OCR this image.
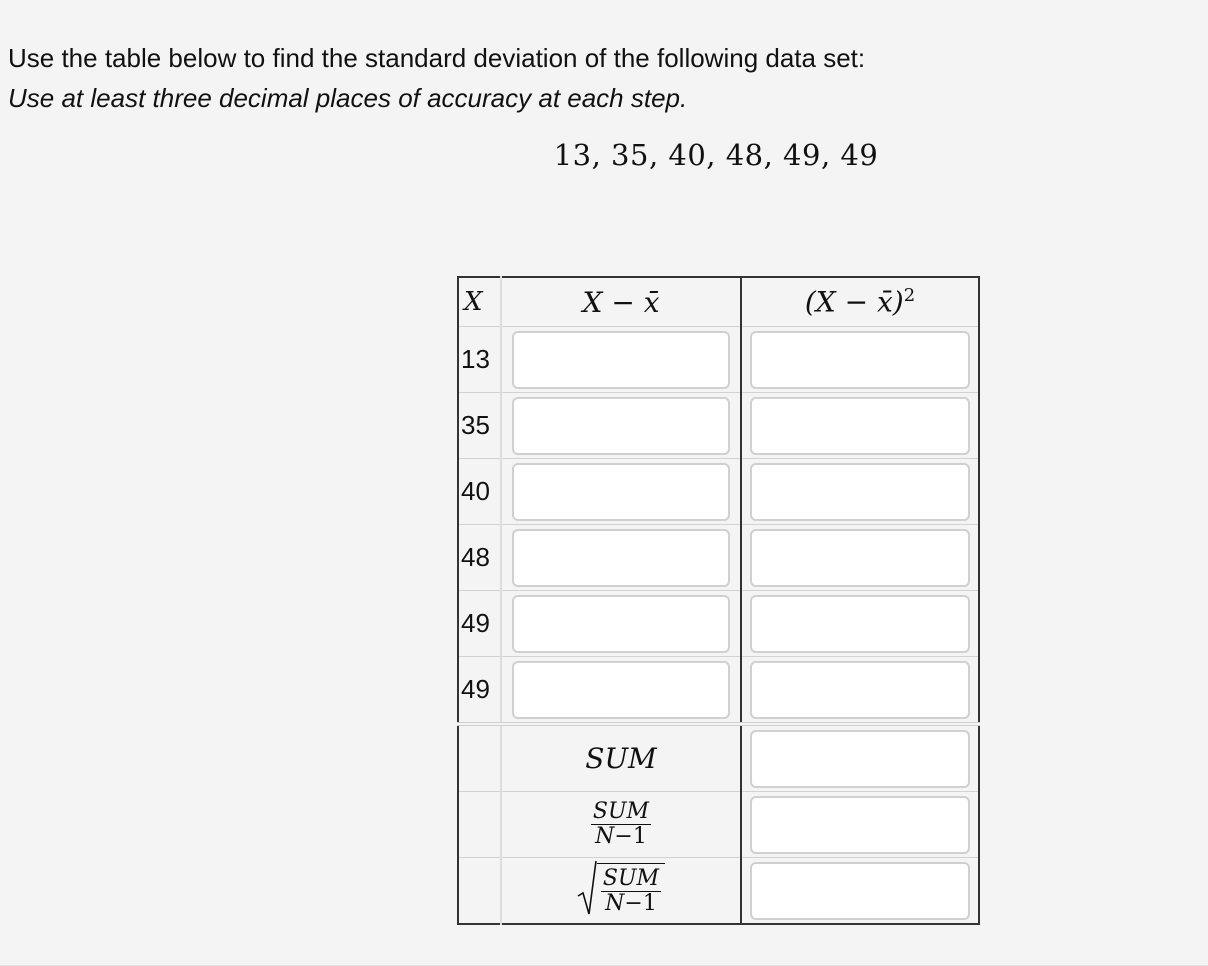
Use the table below to find the standard deviation of the following data set:
Use at least three decimal places of accuracy at each step.

13, 35, 40, 48, 49, 49
X	X − x̄	(X − x̄)$^2$
13	

35	

40	

48	

49	

49	

	SUM	

	$\frac{\text{SUM}}{N-1}$

	$\frac{\text{SUM}}{N-1}$
